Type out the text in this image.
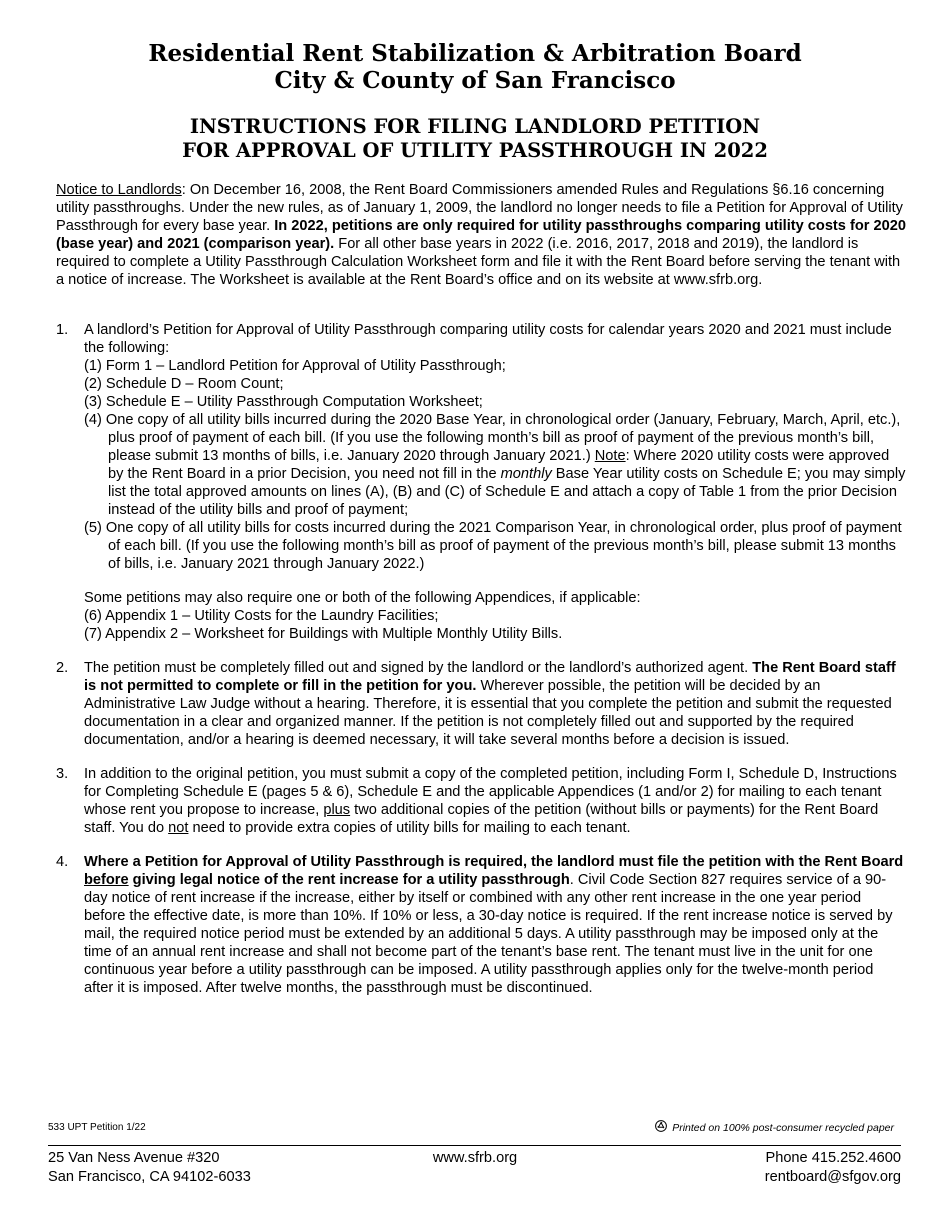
Residential Rent Stabilization & Arbitration Board
City & County of San Francisco
INSTRUCTIONS FOR FILING LANDLORD PETITION
FOR APPROVAL OF UTILITY PASSTHROUGH IN 2022

Notice to Landlords: On December 16, 2008, the Rent Board Commissioners amended Rules and Regulations §6.16 concerning utility passthroughs. Under the new rules, as of January 1, 2009, the landlord no longer needs to file a Petition for Approval of Utility Passthrough for every base year. In 2022, petitions are only required for utility passthroughs comparing utility costs for 2020 (base year) and 2021 (comparison year). For all other base years in 2022 (i.e. 2016, 2017, 2018 and 2019), the landlord is required to complete a Utility Passthrough Calculation Worksheet form and file it with the Rent Board before serving the tenant with a notice of increase. The Worksheet is available at the Rent Board’s office and on its website at www.sfrb.org.

1. A landlord’s Petition for Approval of Utility Passthrough comparing utility costs for calendar years 2020 and 2021 must include the following:

(1) Form 1 – Landlord Petition for Approval of Utility Passthrough;
(2) Schedule D – Room Count;
(3) Schedule E – Utility Passthrough Computation Worksheet;
(4) One copy of all utility bills incurred during the 2020 Base Year, in chronological order (January, February, March, April, etc.), plus proof of payment of each bill. (If you use the following month’s bill as proof of payment of the previous month’s bill, please submit 13 months of bills, i.e. January 2020 through January 2021.) Note: Where 2020 utility costs were approved by the Rent Board in a prior Decision, you need not fill in the monthly Base Year utility costs on Schedule E; you may simply list the total approved amounts on lines (A), (B) and (C) of Schedule E and attach a copy of Table 1 from the prior Decision instead of the utility bills and proof of payment;
(5) One copy of all utility bills for costs incurred during the 2021 Comparison Year, in chronological order, plus proof of payment of each bill. (If you use the following month’s bill as proof of payment of the previous month’s bill, please submit 13 months of bills, i.e. January 2021 through January 2022.)

Some petitions may also require one or both of the following Appendices, if applicable:

(6) Appendix 1 – Utility Costs for the Laundry Facilities;
(7) Appendix 2 – Worksheet for Buildings with Multiple Monthly Utility Bills.
2. The petition must be completely filled out and signed by the landlord or the landlord’s authorized agent. The Rent Board staff is not permitted to complete or fill in the petition for you. Wherever possible, the petition will be decided by an Administrative Law Judge without a hearing. Therefore, it is essential that you complete the petition and submit the requested documentation in a clear and organized manner. If the petition is not completely filled out and supported by the required documentation, and/or a hearing is deemed necessary, it will take several months before a decision is issued.

3. In addition to the original petition, you must submit a copy of the completed petition, including Form I, Schedule D, Instructions for Completing Schedule E (pages 5 & 6), Schedule E and the applicable Appendices (1 and/or 2) for mailing to each tenant whose rent you propose to increase, plus two additional copies of the petition (without bills or payments) for the Rent Board staff. You do not need to provide extra copies of utility bills for mailing to each tenant.

4. Where a Petition for Approval of Utility Passthrough is required, the landlord must file the petition with the Rent Board before giving legal notice of the rent increase for a utility passthrough. Civil Code Section 827 requires service of a 90-day notice of rent increase if the increase, either by itself or combined with any other rent increase in the one year period before the effective date, is more than 10%. If 10% or less, a 30-day notice is required. If the rent increase notice is served by mail, the required notice period must be extended by an additional 5 days. A utility passthrough may be imposed only at the time of an annual rent increase and shall not become part of the tenant’s base rent. The tenant must live in the unit for one continuous year before a utility passthrough can be imposed. A utility passthrough applies only for the twelve-month period after it is imposed. After twelve months, the passthrough must be discontinued.

533 UPT Petition 1/22	Printed on 100% post-consumer recycled paper
25 Van Ness Avenue #320
San Francisco, CA 94102-6033
www.sfrb.org	Phone 415.252.4600
rentboard@sfgov.org
